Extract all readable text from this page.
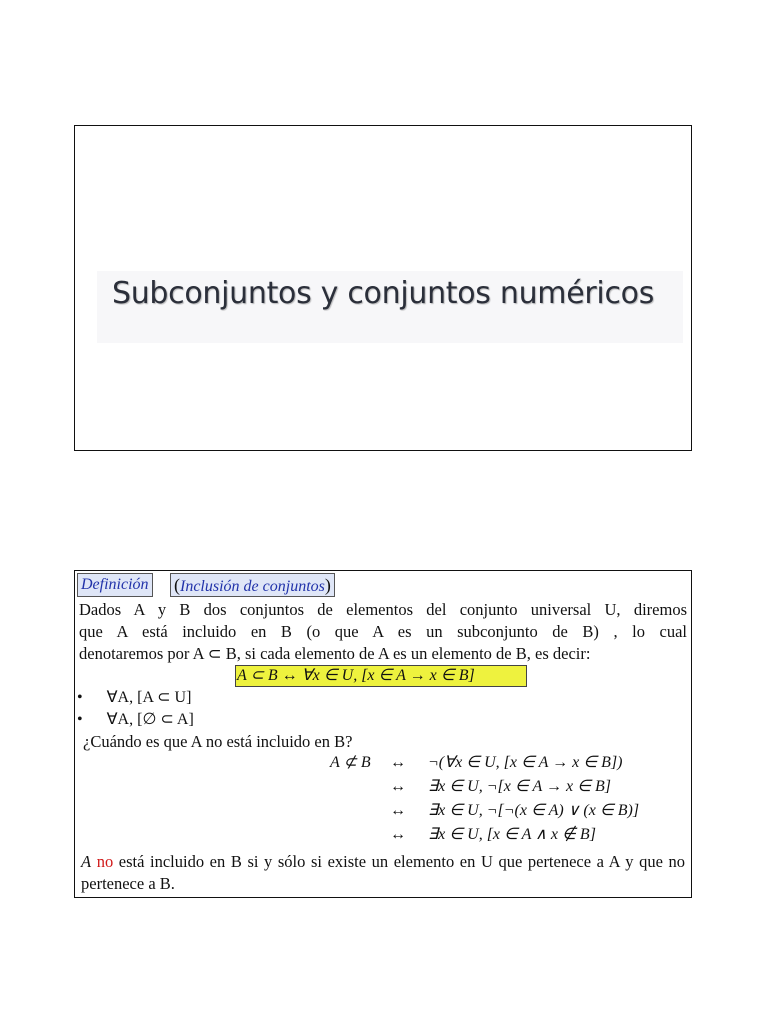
Subconjuntos y conjuntos numéricos
Definición (Inclusión de conjuntos)
Dados A y B dos conjuntos de elementos del conjunto universal U, diremos
que A está incluido en B (o que A es un subconjunto de B) , lo cual
denotaremos por A ⊂ B, si cada elemento de A es un elemento de B, es decir:
A ⊂ B ↔ ∀x ∈ U, [x ∈ A → x ∈ B]
•      ∀A, [A ⊂ U]
•      ∀A, [∅ ⊂ A]
¿Cuándo es que A no está incluido en B?
A ⊄ B ↔ ¬(∀x ∈ U, [x ∈ A → x ∈ B])
↔ ∃x ∈ U, ¬[x ∈ A → x ∈ B]
↔ ∃x ∈ U, ¬[¬(x ∈ A) ∨ (x ∈ B)]
↔ ∃x ∈ U, [x ∈ A ∧ x ∉ B]
A no está incluido en B si y sólo si existe un elemento en U que pertenece a A y que no pertenece a B.
